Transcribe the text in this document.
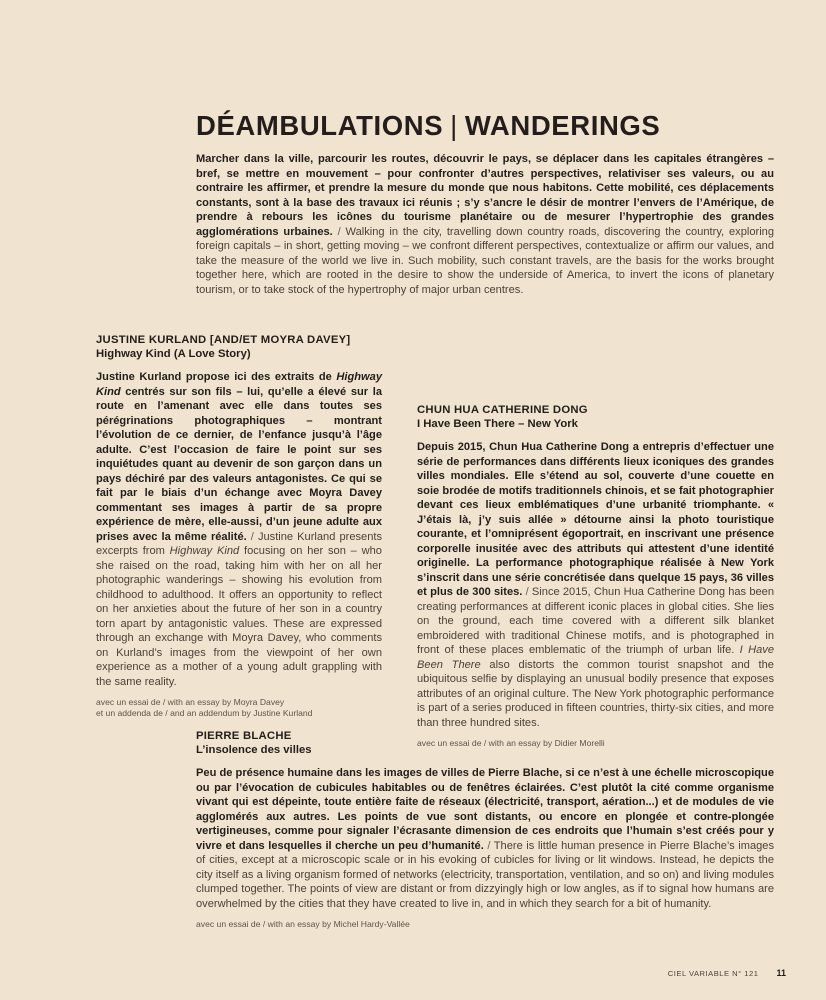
DÉAMBULATIONS | WANDERINGS
Marcher dans la ville, parcourir les routes, découvrir le pays, se déplacer dans les capitales étrangères – bref, se mettre en mouvement – pour confronter d’autres perspectives, relativiser ses valeurs, ou au contraire les affirmer, et prendre la mesure du monde que nous habitons. Cette mobilité, ces déplacements constants, sont à la base des travaux ici réunis ; s’y s’ancre le désir de montrer l’envers de l’Amérique, de prendre à rebours les icônes du tourisme planétaire ou de mesurer l’hypertrophie des grandes agglomérations urbaines. / Walking in the city, travelling down country roads, discovering the country, exploring foreign capitals – in short, getting moving – we confront different perspectives, contextualize or affirm our values, and take the measure of the world we live in. Such mobility, such constant travels, are the basis for the works brought together here, which are rooted in the desire to show the underside of America, to invert the icons of planetary tourism, or to take stock of the hypertrophy of major urban centres.
JUSTINE KURLAND [AND/ET MOYRA DAVEY]
Highway Kind (A Love Story)
Justine Kurland propose ici des extraits de Highway Kind centrés sur son fils – lui, qu’elle a élevé sur la route en l’amenant avec elle dans toutes ses pérégrinations photographiques – montrant l’évolution de ce dernier, de l’enfance jusqu’à l’âge adulte. C’est l’occasion de faire le point sur ses inquiétudes quant au devenir de son garçon dans un pays déchiré par des valeurs antagonistes. Ce qui se fait par le biais d’un échange avec Moyra Davey commentant ses images à partir de sa propre expérience de mère, elle-aussi, d’un jeune adulte aux prises avec la même réalité. / Justine Kurland presents excerpts from Highway Kind focusing on her son – who she raised on the road, taking him with her on all her photographic wanderings – showing his evolution from childhood to adulthood. It offers an opportunity to reflect on her anxieties about the future of her son in a country torn apart by antagonistic values. These are expressed through an exchange with Moyra Davey, who comments on Kurland’s images from the viewpoint of her own experience as a mother of a young adult grappling with the same reality.
avec un essai de / with an essay by Moyra Davey
et un addenda de / and an addendum by Justine Kurland
CHUN HUA CATHERINE DONG
I Have Been There – New York
Depuis 2015, Chun Hua Catherine Dong a entrepris d’effectuer une série de performances dans différents lieux iconiques des grandes villes mondiales. Elle s’étend au sol, couverte d’une couette en soie brodée de motifs traditionnels chinois, et se fait photographier devant ces lieux emblématiques d’une urbanité triomphante. « J’étais là, j’y suis allée » détourne ainsi la photo touristique courante, et l’omniprésent égoportrait, en inscrivant une présence corporelle inusitée avec des attributs qui attestent d’une identité originelle. La performance photographique réalisée à New York s’inscrit dans une série concrétisée dans quelque 15 pays, 36 villes et plus de 300 sites. / Since 2015, Chun Hua Catherine Dong has been creating performances at different iconic places in global cities. She lies on the ground, each time covered with a different silk blanket embroidered with traditional Chinese motifs, and is photographed in front of these places emblematic of the triumph of urban life. I Have Been There also distorts the common tourist snapshot and the ubiquitous selfie by displaying an unusual bodily presence that exposes attributes of an original culture. The New York photographic performance is part of a series produced in fifteen countries, thirty-six cities, and more than three hundred sites.
avec un essai de / with an essay by Didier Morelli
PIERRE BLACHE
L’insolence des villes
Peu de présence humaine dans les images de villes de Pierre Blache, si ce n’est à une échelle microscopique ou par l’évocation de cubicules habitables ou de fenêtres éclairées. C’est plutôt la cité comme organisme vivant qui est dépeinte, toute entière faite de réseaux (électricité, transport, aération...) et de modules de vie agglomérés aux autres. Les points de vue sont distants, ou encore en plongée et contre-plongée vertigineuses, comme pour signaler l’écrasante dimension de ces endroits que l’humain s’est créés pour y vivre et dans lesquelles il cherche un peu d’humanité. / There is little human presence in Pierre Blache’s images of cities, except at a microscopic scale or in his evoking of cubicles for living or lit windows. Instead, he depicts the city itself as a living organism formed of networks (electricity, transportation, ventilation, and so on) and living modules clumped together. The points of view are distant or from dizzyingly high or low angles, as if to signal how humans are overwhelmed by the cities that they have created to live in, and in which they search for a bit of humanity.
avec un essai de / with an essay by Michel Hardy-Vallée
CIEL VARIABLE N° 121 11
